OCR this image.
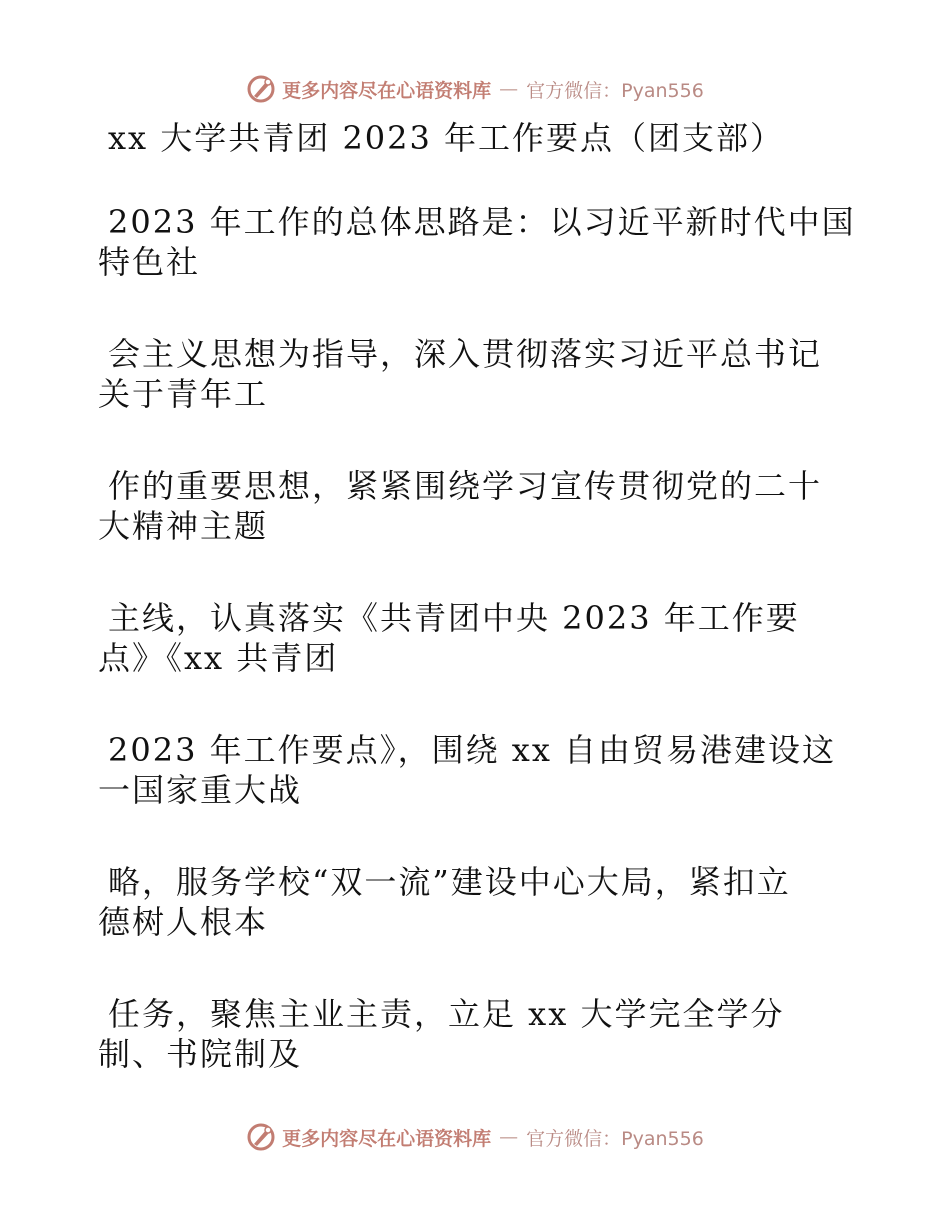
更多内容尽在心语资料库 — 官方微信：Pyan556

xx 大学共青团 2023 年工作要点（团支部）

2023 年工作的总体思路是：以习近平新时代中国

特色社

会主义思想为指导，深入贯彻落实习近平总书记

关于青年工

作的重要思想，紧紧围绕学习宣传贯彻党的二十

大精神主题

主线，认真落实《共青团中央 2023 年工作要

点》《xx 共青团

2023 年工作要点》，围绕 xx 自由贸易港建设这

一国家重大战

略，服务学校“双一流”建设中心大局，紧扣立

德树人根本

任务，聚焦主业主责，立足 xx 大学完全学分

制、书院制及

更多内容尽在心语资料库 — 官方微信：Pyan556
